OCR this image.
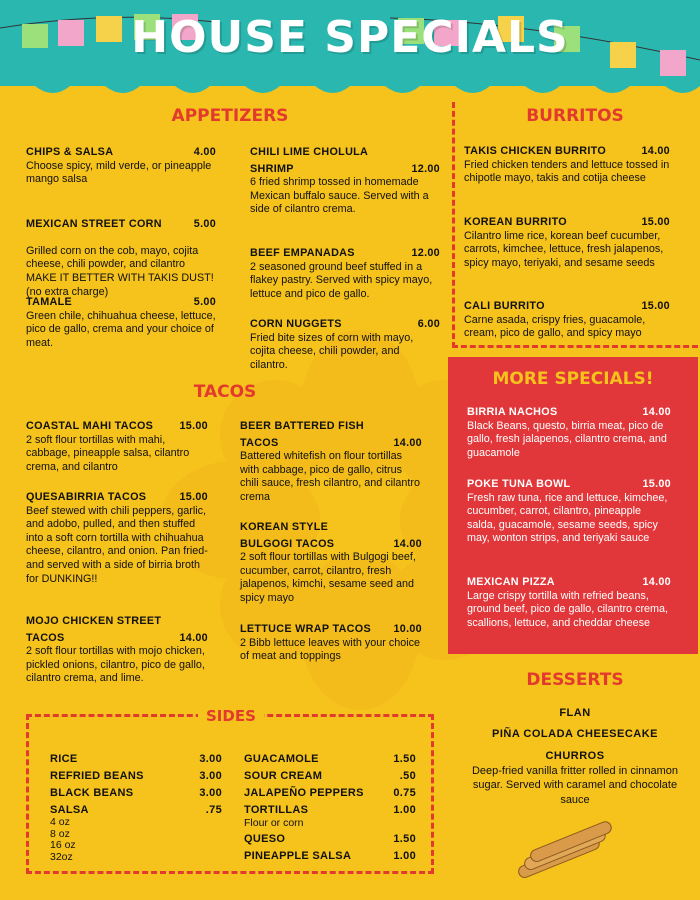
HOUSE SPECIALS
APPETIZERS
CHIPS & SALSA	4.00
Choose spicy, mild verde, or pineapple mango salsa

MEXICAN STREET CORN	5.00

Grilled corn on the cob, mayo, cojita cheese, chili powder, and cilantro
MAKE IT BETTER WITH TAKIS DUST! (no extra charge)

TAMALE	5.00
Green chile, chihuahua cheese, lettuce, pico de gallo, crema and your choice of meat.
CHILI LIME CHOLULA
SHRIMP	12.00
6 fried shrimp tossed in homemade Mexican buffalo sauce. Served with a side of cilantro crema.
BEEF EMPANADAS	12.00
2 seasoned ground beef stuffed in a flakey pastry. Served with spicy mayo, lettuce and pico de gallo.
CORN NUGGETS	6.00
Fried bite sizes of corn with mayo, cojita cheese, chili powder, and cilantro.
BURRITOS
TAKIS CHICKEN BURRITO	14.00
Fried chicken tenders and lettuce tossed in chipotle mayo, takis and cotija cheese
KOREAN BURRITO	15.00
Cilantro lime rice, korean beef cucumber, carrots, kimchee, lettuce, fresh jalapenos, spicy mayo, teriyaki, and sesame seeds
CALI BURRITO	15.00
Carne asada, crispy fries, guacamole, cream, pico de gallo, and spicy mayo
TACOS
COASTAL MAHI TACOS	15.00
2 soft flour tortillas with mahi, cabbage, pineapple salsa, cilantro crema, and cilantro
QUESABIRRIA TACOS	15.00
Beef stewed with chili peppers, garlic, and adobo, pulled, and then stuffed into a soft corn tortilla with chihuahua cheese, cilantro, and onion. Pan fried- and served with a side of birria broth for DUNKING!!
MOJO CHICKEN STREET
TACOS	14.00
2 soft flour tortillas with mojo chicken, pickled onions, cilantro, pico de gallo, cilantro crema, and lime.
BEER BATTERED FISH
TACOS	14.00
Battered whitefish on flour tortillas with cabbage, pico de gallo, citrus chili sauce, fresh cilantro, and cilantro crema
KOREAN STYLE
BULGOGI TACOS	14.00
2 soft flour tortillas with Bulgogi beef, cucumber, carrot, cilantro, fresh jalapenos, kimchi, sesame seed and spicy mayo
LETTUCE WRAP TACOS	10.00
2 Bibb lettuce leaves with your choice of meat and toppings
MORE SPECIALS!
BIRRIA NACHOS	14.00
Black Beans, questo, birria meat, pico de gallo, fresh jalapenos, cilantro crema, and guacamole
POKE TUNA BOWL	15.00
Fresh raw tuna, rice and lettuce, kimchee, cucumber, carrot, cilantro, pineapple salda, guacamole, sesame seeds, spicy may, wonton strips, and teriyaki sauce
MEXICAN PIZZA	14.00
Large crispy tortilla with refried beans, ground beef, pico de gallo, cilantro crema, scallions, lettuce, and cheddar cheese
SIDES
RICE	3.00
REFRIED BEANS	3.00
BLACK BEANS	3.00
SALSA	.75
4 oz
8 oz
16 oz
32oz
GUACAMOLE	1.50
SOUR CREAM	.50
JALAPEÑO PEPPERS	0.75
TORTILLAS	1.00
Flour or corn
QUESO	1.50
PINEAPPLE SALSA	1.00
DESSERTS
FLAN
PIÑA COLADA CHEESECAKE
CHURROS
Deep-fried vanilla fritter rolled in cinnamon sugar. Served with caramel and chocolate sauce
